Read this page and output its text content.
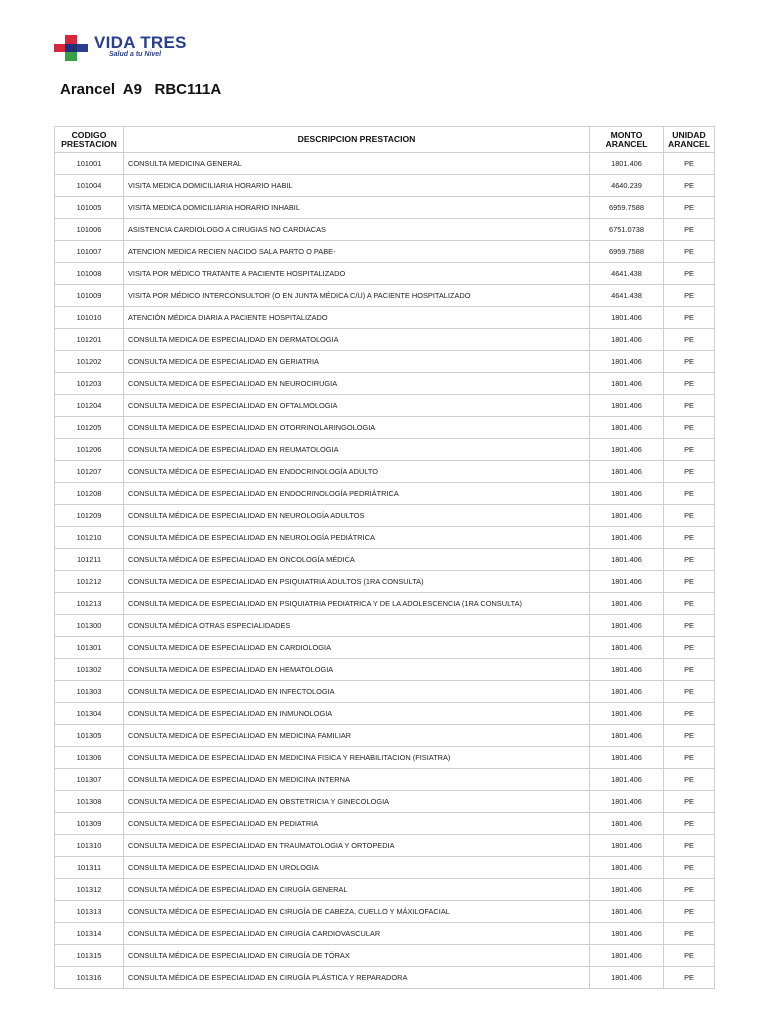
VIDA TRES
Salud a tu Nivel
Arancel  A9   RBC111A
CODIGO PRESTACION	DESCRIPCION PRESTACION	MONTO ARANCEL	UNIDAD ARANCEL
101001	CONSULTA MEDICINA GENERAL	1801.406	PE
101004	VISITA MEDICA DOMICILIARIA HORARIO HABIL	4640.239	PE
101005	VISITA MEDICA DOMICILIARIA HORARIO INHABIL	6959.7588	PE
101006	ASISTENCIA CARDIOLOGO A CIRUGIAS NO CARDIACAS	6751.0738	PE
101007	ATENCION MEDICA RECIEN NACIDO SALA PARTO O PABE-	6959.7588	PE
101008	VISITA POR MÉDICO TRATANTE A PACIENTE HOSPITALIZADO	4641.438	PE
101009	VISITA POR MÉDICO INTERCONSULTOR (O EN JUNTA MÉDICA C/U) A PACIENTE HOSPITALIZADO	4641.438	PE
101010	ATENCIÓN MÉDICA DIARIA A PACIENTE HOSPITALIZADO	1801.406	PE
101201	CONSULTA MEDICA DE ESPECIALIDAD EN DERMATOLOGIA	1801.406	PE
101202	CONSULTA MEDICA DE ESPECIALIDAD EN GERIATRIA	1801.406	PE
101203	CONSULTA MEDICA DE ESPECIALIDAD EN NEUROCIRUGIA	1801.406	PE
101204	CONSULTA MEDICA DE ESPECIALIDAD EN OFTALMOLOGIA	1801.406	PE
101205	CONSULTA MEDICA DE ESPECIALIDAD EN OTORRINOLARINGOLOGIA	1801.406	PE
101206	CONSULTA MEDICA DE ESPECIALIDAD EN REUMATOLOGIA	1801.406	PE
101207	CONSULTA MÉDICA DE ESPECIALIDAD EN ENDOCRINOLOGÍA ADULTO	1801.406	PE
101208	CONSULTA MÉDICA DE ESPECIALIDAD EN ENDOCRINOLOGÍA PEDRIÁTRICA	1801.406	PE
101209	CONSULTA MÉDICA DE ESPECIALIDAD EN NEUROLOGÍA ADULTOS	1801.406	PE
101210	CONSULTA MÉDICA DE ESPECIALIDAD EN NEUROLOGÍA PEDIÁTRICA	1801.406	PE
101211	CONSULTA MÉDICA DE ESPECIALIDAD EN ONCOLOGÍA MÉDICA	1801.406	PE
101212	CONSULTA MEDICA DE ESPECIALIDAD EN PSIQUIATRIA ADULTOS (1RA CONSULTA)	1801.406	PE
101213	CONSULTA MEDICA DE ESPECIALIDAD EN PSIQUIATRIA PEDIATRICA Y DE LA ADOLESCENCIA (1RA CONSULTA)	1801.406	PE
101300	CONSULTA MÉDICA OTRAS ESPECIALIDADES	1801.406	PE
101301	CONSULTA MEDICA DE ESPECIALIDAD EN CARDIOLOGIA	1801.406	PE
101302	CONSULTA MEDICA DE ESPECIALIDAD EN HEMATOLOGIA	1801.406	PE
101303	CONSULTA MEDICA DE ESPECIALIDAD EN INFECTOLOGIA	1801.406	PE
101304	CONSULTA MEDICA DE ESPECIALIDAD EN INMUNOLOGIA	1801.406	PE
101305	CONSULTA MEDICA DE ESPECIALIDAD EN MEDICINA FAMILIAR	1801.406	PE
101306	CONSULTA MEDICA DE ESPECIALIDAD EN MEDICINA FISICA Y REHABILITACION (FISIATRA)	1801.406	PE
101307	CONSULTA MEDICA DE ESPECIALIDAD EN MEDICINA INTERNA	1801.406	PE
101308	CONSULTA MEDICA DE ESPECIALIDAD EN OBSTETRICIA Y GINECOLOGIA	1801.406	PE
101309	CONSULTA MEDICA DE ESPECIALIDAD EN PEDIATRIA	1801.406	PE
101310	CONSULTA MEDICA DE ESPECIALIDAD EN TRAUMATOLOGIA Y ORTOPEDIA	1801.406	PE
101311	CONSULTA MEDICA DE ESPECIALIDAD EN UROLOGIA	1801.406	PE
101312	CONSULTA MÉDICA DE ESPECIALIDAD EN CIRUGÍA GENERAL	1801.406	PE
101313	CONSULTA MÉDICA DE ESPECIALIDAD EN CIRUGÍA DE CABEZA, CUELLO Y MÁXILOFACIAL	1801.406	PE
101314	CONSULTA MÉDICA DE ESPECIALIDAD EN CIRUGÍA CARDIOVASCULAR	1801.406	PE
101315	CONSULTA MÉDICA DE ESPECIALIDAD EN CIRUGÍA DE TÓRAX	1801.406	PE
101316	CONSULTA MÉDICA DE ESPECIALIDAD EN CIRUGÍA PLÁSTICA Y REPARADORA	1801.406	PE
